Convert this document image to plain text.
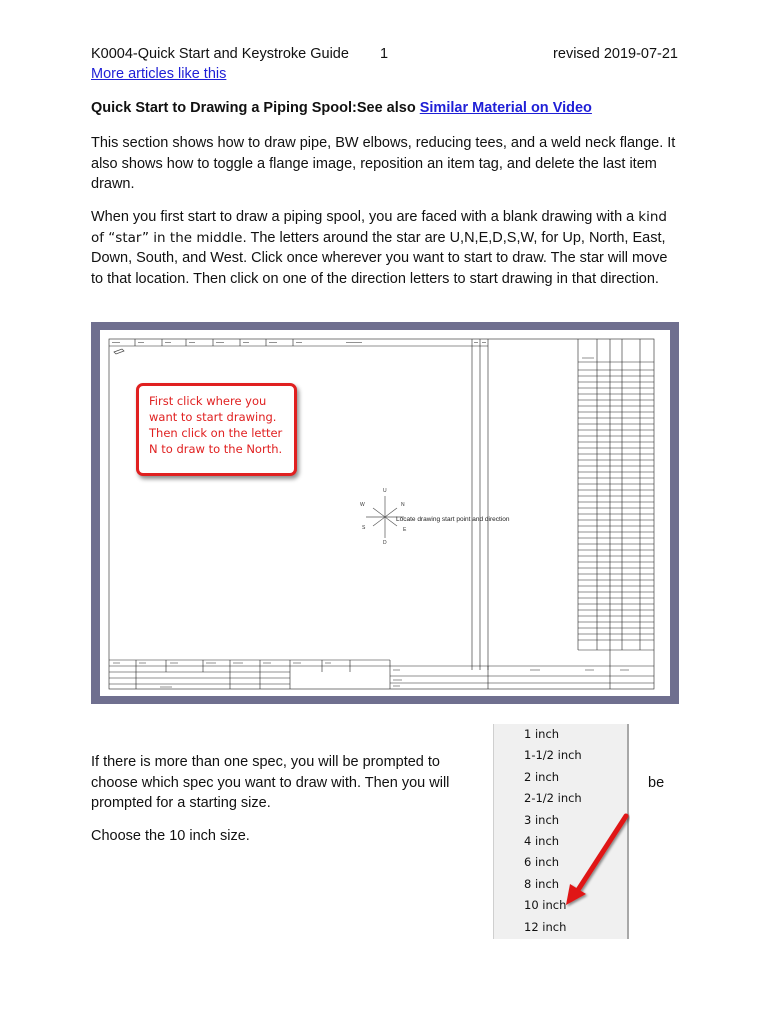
K0004-Quick Start and Keystroke Guide 1	revised 2019-07-21
More articles like this
Quick Start to Drawing a Piping Spool:See also Similar Material on Video

This section shows how to draw pipe, BW elbows, reducing tees, and a weld neck flange. It also shows how to toggle a flange image, reposition an item tag, and delete the last item drawn.

When you first start to draw a piping spool, you are faced with a blank drawing with a kind of “star” in the middle. The letters around the star are U,N,E,D,S,W, for Up, North, East, Down, South, and West. Click once wherever you want to start to draw. The star will move to that location. Then click on one of the direction letters to start drawing in that direction.

U
N
E
D
S
W
Locate drawing start point and direction
First click where you want to start drawing. Then click on the letter N to draw to the North.
1 inch
1-1/2 inch
2 inch
2-1/2 inch
3 inch
4 inch
6 inch
8 inch
10 inch
12 inch

If there is more than one spec, you will be prompted to choose which spec you want to draw with. Then you will
prompted for a starting size.

be

Choose the 10 inch size.
